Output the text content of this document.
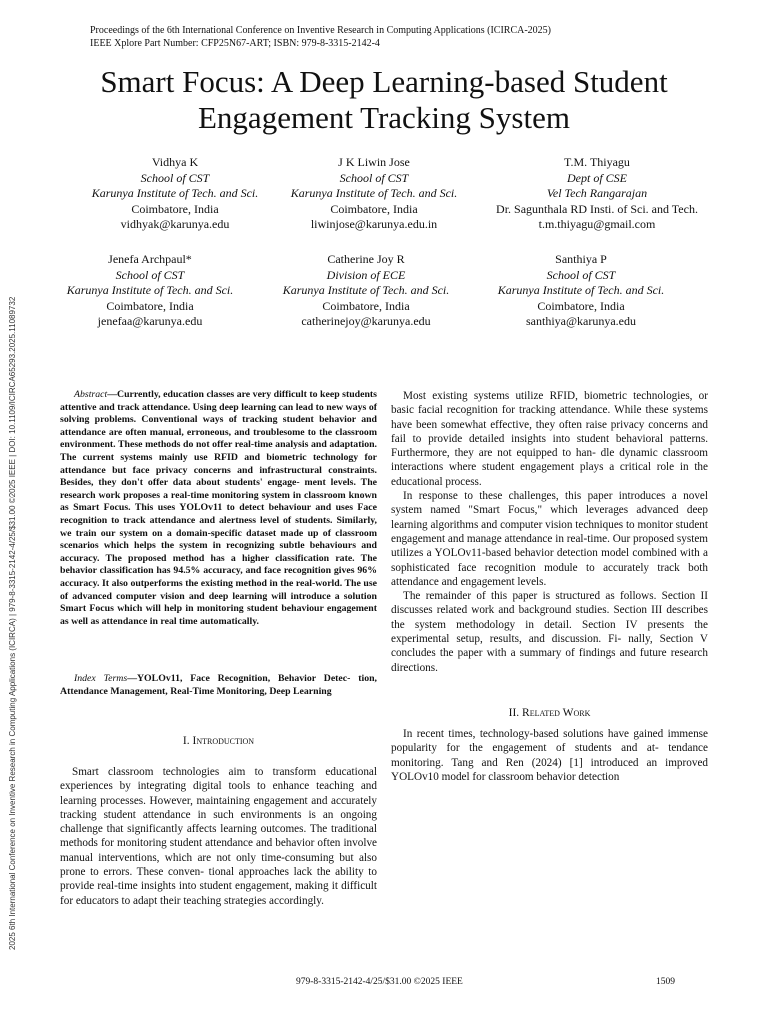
Proceedings of the 6th International Conference on Inventive Research in Computing Applications (ICIRCA-2025)
IEEE Xplore Part Number: CFP25N67-ART; ISBN: 979-8-3315-2142-4
2025 6th International Conference on Inventive Research in Computing Applications (ICIRCA) | 979-8-3315-2142-4/25/$31.00 ©2025 IEEE | DOI: 10.1109/ICIRCA65293.2025.11089732
Smart Focus: A Deep Learning-based Student
Engagement Tracking System
Vidhya K
School of CST
Karunya Institute of Tech. and Sci.
Coimbatore, India
vidhyak@karunya.edu
J K Liwin Jose
School of CST
Karunya Institute of Tech. and Sci.
Coimbatore, India
liwinjose@karunya.edu.in
T.M. Thiyagu
Dept of CSE
Vel Tech Rangarajan
Dr. Sagunthala RD Insti. of Sci. and Tech.
t.m.thiyagu@gmail.com
Jenefa Archpaul*
School of CST
Karunya Institute of Tech. and Sci.
Coimbatore, India
jenefaa@karunya.edu
Catherine Joy R
Division of ECE
Karunya Institute of Tech. and Sci.
Coimbatore, India
catherinejoy@karunya.edu
Santhiya P
School of CST
Karunya Institute of Tech. and Sci.
Coimbatore, India
santhiya@karunya.edu
Abstract—Currently, education classes are very difficult to keep students attentive and track attendance. Using deep learning can lead to new ways of solving problems. Conventional ways of tracking student behavior and attendance are often manual, erroneous, and troublesome to the classroom environment. These methods do not offer real-time analysis and adaptation. The current systems mainly use RFID and biometric technology for attendance but face privacy concerns and infrastructural constraints. Besides, they don't offer data about students' engage- ment levels. The research work proposes a real-time monitoring system in classroom known as Smart Focus. This uses YOLOv11 to detect behaviour and uses Face recognition to track attendance and alertness level of students. Similarly, we train our system on a domain-specific dataset made up of classroom scenarios which helps the system in recognizing subtle behaviours and accuracy. The proposed method has a higher classification rate. The behavior classification has 94.5% accuracy, and face recognition gives 96% accuracy. It also outperforms the existing method in the real-world. The use of advanced computer vision and deep learning will introduce a solution Smart Focus which will help in monitoring student behaviour engagement as well as attendance in real time automatically.
Index Terms—YOLOv11, Face Recognition, Behavior Detec- tion, Attendance Management, Real-Time Monitoring, Deep Learning
I. Introduction

Smart classroom technologies aim to transform educational experiences by integrating digital tools to enhance teaching and learning processes. However, maintaining engagement and accurately tracking student attendance in such environments is an ongoing challenge that significantly affects learning outcomes. The traditional methods for monitoring student attendance and behavior often involve manual interventions, which are not only time-consuming but also prone to errors. These conven- tional approaches lack the ability to provide real-time insights into student engagement, making it difficult for educators to adapt their teaching strategies accordingly.

Most existing systems utilize RFID, biometric technologies, or basic facial recognition for tracking attendance. While these systems have been somewhat effective, they often raise privacy concerns and fail to provide detailed insights into student behavioral patterns. Furthermore, they are not equipped to han- dle dynamic classroom interactions where student engagement plays a critical role in the educational process.

In response to these challenges, this paper introduces a novel system named "Smart Focus," which leverages advanced deep learning algorithms and computer vision techniques to monitor student engagement and manage attendance in real-time. Our proposed system utilizes a YOLOv11-based behavior detection model combined with a sophisticated face recognition module to accurately track both attendance and engagement levels.

The remainder of this paper is structured as follows. Section II discusses related work and background studies. Section III describes the system methodology in detail. Section IV presents the experimental setup, results, and discussion. Fi- nally, Section V concludes the paper with a summary of findings and future research directions.

II. Related Work

In recent times, technology-based solutions have gained immense popularity for the engagement of students and at- tendance monitoring. Tang and Ren (2024) [1] introduced an improved YOLOv10 model for classroom behavior detection

979-8-3315-2142-4/25/$31.00 ©2025 IEEE	1509
